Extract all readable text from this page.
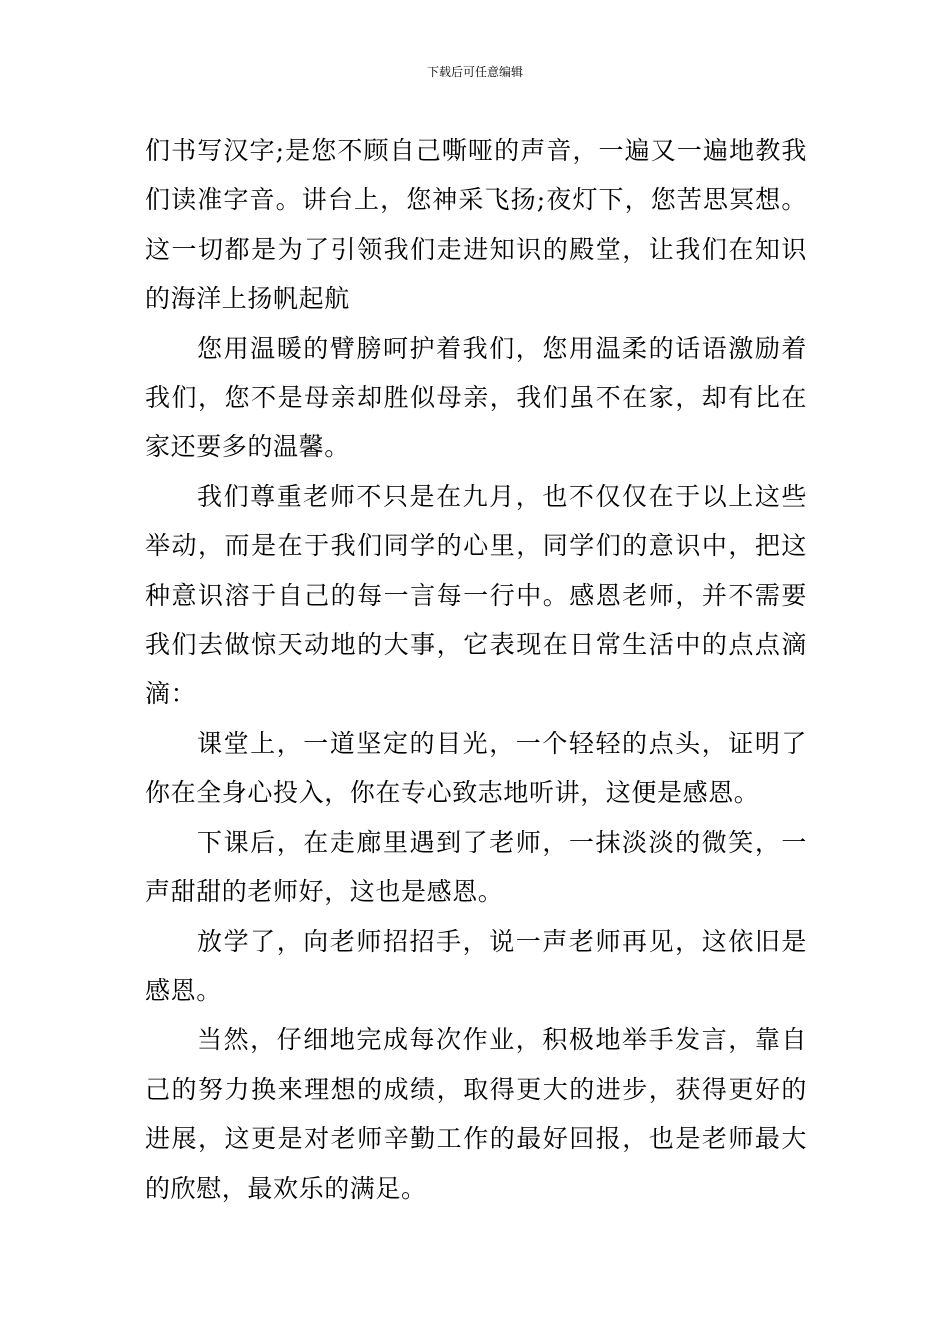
下载后可任意编辑

们书写汉字;是您不顾自己嘶哑的声音，一遍又一遍地教我们读准字音。讲台上，您神采飞扬;夜灯下，您苦思冥想。这一切都是为了引领我们走进知识的殿堂，让我们在知识的海洋上扬帆起航

您用温暖的臂膀呵护着我们，您用温柔的话语激励着我们，您不是母亲却胜似母亲，我们虽不在家，却有比在家还要多的温馨。

我们尊重老师不只是在九月，也不仅仅在于以上这些举动，而是在于我们同学的心里，同学们的意识中，把这种意识溶于自己的每一言每一行中。感恩老师，并不需要我们去做惊天动地的大事，它表现在日常生活中的点点滴滴：

课堂上，一道坚定的目光，一个轻轻的点头，证明了你在全身心投入，你在专心致志地听讲，这便是感恩。

下课后，在走廊里遇到了老师，一抹淡淡的微笑，一声甜甜的老师好，这也是感恩。

放学了，向老师招招手，说一声老师再见，这依旧是感恩。

当然，仔细地完成每次作业，积极地举手发言，靠自己的努力换来理想的成绩，取得更大的进步，获得更好的进展，这更是对老师辛勤工作的最好回报，也是老师最大的欣慰，最欢乐的满足。
